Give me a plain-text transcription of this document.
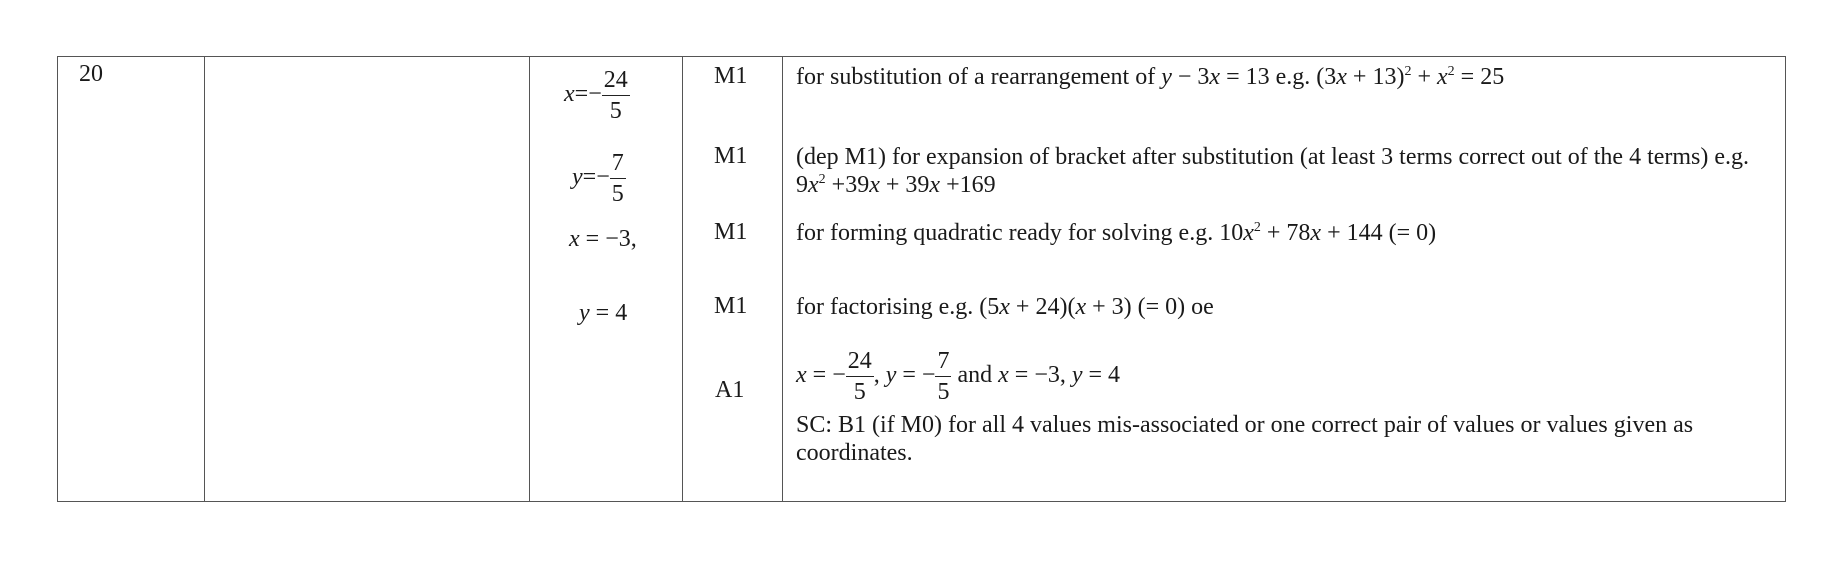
20
$x=- \frac{24}{5}$
$y=- \frac{7}{5}$
x = −3,
y = 4
M1
M1
M1
M1
A1
for substitution of a rearrangement of y − 3x = 13 e.g. $(3x + 13)^2 + x^2 = 25$
(dep M1) for expansion of bracket after substitution (at least 3 terms correct out of the 4 terms) e.g.
$9x^2 +39x + 39x +169$
for forming quadratic ready for solving e.g. $10x^2 + 78x + 144$ (= 0)
for factorising e.g. (5x + 24)(x + 3) (= 0) oe
x = − $\frac{24}{5}$ , y = − $\frac{7}{5}$ and x = −3, y = 4
SC: B1 (if M0) for all 4 values mis-associated or one correct pair of values or values given as
coordinates.
